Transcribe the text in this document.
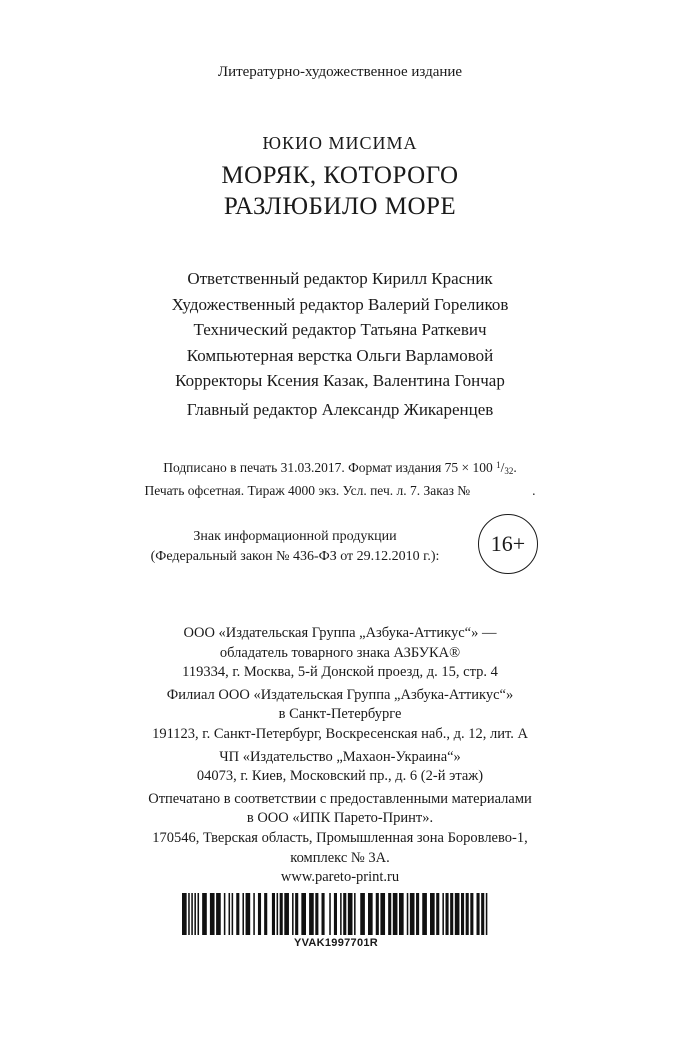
Литературно-художественное издание
ЮКИО МИСИМА
МОРЯК, КОТОРОГО
РАЗЛЮБИЛО МОРЕ
Ответственный редактор Кирилл Красник
Художественный редактор Валерий Гореликов
Технический редактор Татьяна Раткевич
Компьютерная верстка Ольги Варламовой
Корректоры Ксения Казак, Валентина Гончар
Главный редактор Александр Жикаренцев
Подписано в печать 31.03.2017. Формат издания 75 × 100 $^1$/32.
Печать офсетная. Тираж 4000 экз. Усл. печ. л. 7. Заказ №	.
Знак информационной продукции
(Федеральный закон № 436-ФЗ от 29.12.2010 г.):
16+
ООО «Издательская Группа „Азбука-Аттикус“» —
обладатель товарного знака АЗБУКА®
119334, г. Москва, 5-й Донской проезд, д. 15, стр. 4
Филиал ООО «Издательская Группа „Азбука-Аттикус“»
в Санкт-Петербурге
191123, г. Санкт-Петербург, Воскресенская наб., д. 12, лит. А
ЧП «Издательство „Махаон-Украина“»
04073, г. Киев, Московский пр., д. 6 (2-й этаж)
Отпечатано в соответствии с предоставленными материалами
в ООО «ИПК Парето-Принт».
170546, Тверская область, Промышленная зона Боровлево-1,
комплекс № 3А.
www.pareto-print.ru
YVAK1997701R
